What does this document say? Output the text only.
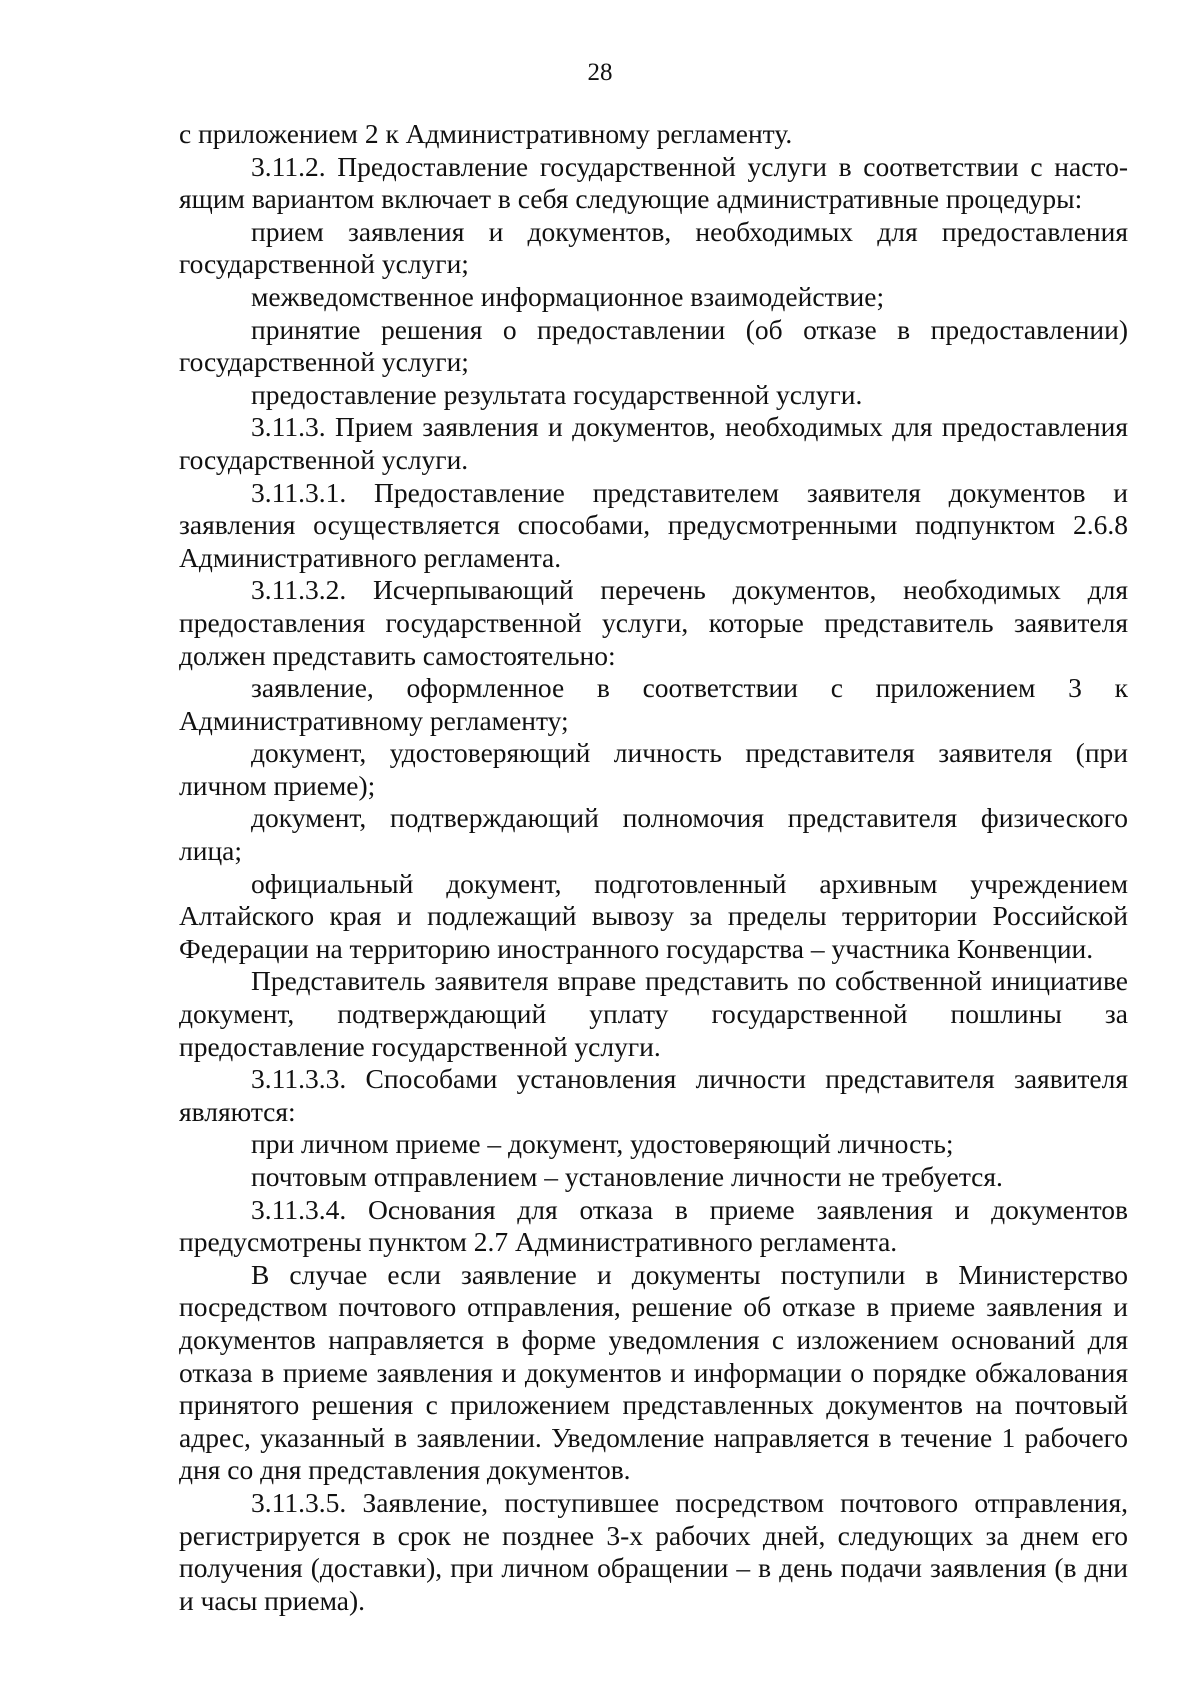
28

с приложением 2 к Административному регламенту.

3.11.2. Предоставление государственной услуги в соответствии с настоящим вариантом включает в себя следующие административные процедуры:

прием заявления и документов, необходимых для предоставления государственной услуги;

межведомственное информационное взаимодействие;

принятие решения о предоставлении (об отказе в предоставлении) государственной услуги;

предоставление результата государственной услуги.

3.11.3. Прием заявления и документов, необходимых для предоставления государственной услуги.

3.11.3.1. Предоставление представителем заявителя документов и заявления осуществляется способами, предусмотренными подпунктом 2.6.8 Административного регламента.

3.11.3.2. Исчерпывающий перечень документов, необходимых для предоставления государственной услуги, которые представитель заявителя должен представить самостоятельно:

заявление, оформленное в соответствии с приложением 3 к Административному регламенту;

документ, удостоверяющий личность представителя заявителя (при личном приеме);

документ, подтверждающий полномочия представителя физического лица;

официальный документ, подготовленный архивным учреждением Алтайского края и подлежащий вывозу за пределы территории Российской Федерации на территорию иностранного государства – участника Конвенции.

Представитель заявителя вправе представить по собственной инициативе документ, подтверждающий уплату государственной пошлины за предоставление государственной услуги.

3.11.3.3. Способами установления личности представителя заявителя являются:

при личном приеме – документ, удостоверяющий личность;

почтовым отправлением – установление личности не требуется.

3.11.3.4. Основания для отказа в приеме заявления и документов предусмотрены пунктом 2.7 Административного регламента.

В случае если заявление и документы поступили в Министерство посредством почтового отправления, решение об отказе в приеме заявления и документов направляется в форме уведомления с изложением оснований для отказа в приеме заявления и документов и информации о порядке обжалования принятого решения с приложением представленных документов на почтовый адрес, указанный в заявлении. Уведомление направляется в течение 1 рабочего дня со дня представления документов.

3.11.3.5. Заявление, поступившее посредством почтового отправления, регистрируется в срок не позднее 3-х рабочих дней, следующих за днем его получения (доставки), при личном обращении – в день подачи заявления (в дни и часы приема).
